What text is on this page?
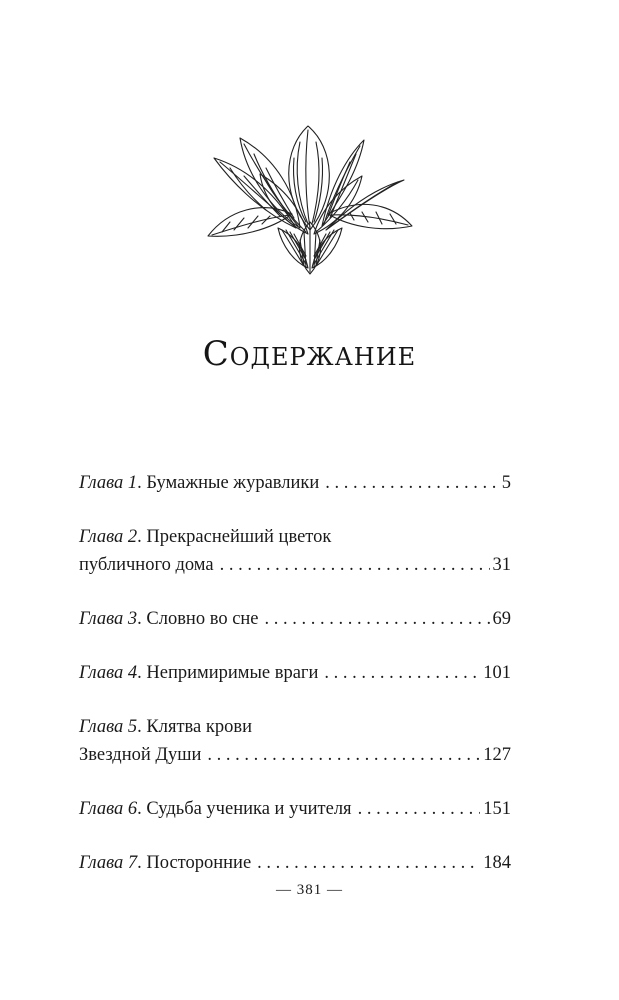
Содержание
Глава 1. Бумажные журавлики . . .	5
Глава 2. Прекраснейший цветок
публичного дома . . .	31
Глава 3. Словно во сне . . .	69
Глава 4. Непримиримые враги . . .	101
Глава 5. Клятва крови
Звездной Души . . .	127
Глава 6. Судьба ученика и учителя . . .	151
Глава 7. Посторонние . . .	184
— 381 —
